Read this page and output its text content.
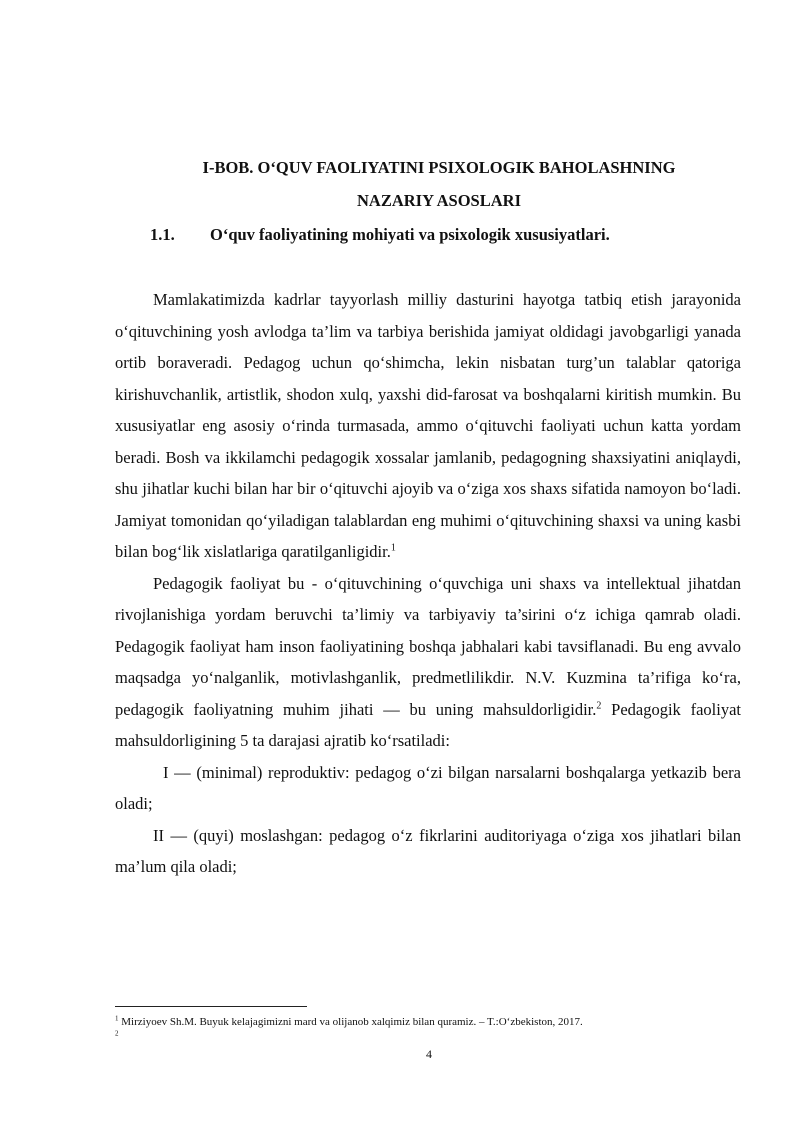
I-BOB. O‘QUV FAOLIYATINI PSIXOLOGIK BAHOLASHNING
NAZARIY ASOSLARI
1.1. O‘quv faoliyatining mohiyati va psixologik xususiyatlari.

Mamlakatimizda kadrlar tayyorlash milliy dasturini hayotga tatbiq etish jarayonida o‘qituvchining yosh avlodga ta’lim va tarbiya berishida jamiyat oldidagi javobgarligi yanada ortib boraveradi. Pedagog uchun qo‘shimcha, lekin nisbatan turg’un talablar qatoriga kirishuvchanlik, artistlik, shodon xulq, yaxshi did-farosat va boshqalarni kiritish mumkin. Bu xususiyatlar eng asosiy o‘rinda turmasada, ammo o‘qituvchi faoliyati uchun katta yordam beradi. Bosh va ikkilamchi pedagogik xossalar jamlanib, pedagogning shaxsiyatini aniqlaydi, shu jihatlar kuchi bilan har bir o‘qituvchi ajoyib va o‘ziga xos shaxs sifatida namoyon bo‘ladi. Jamiyat tomonidan qo‘yiladigan talablardan eng muhimi o‘qituvchining shaxsi va uning kasbi bilan bog‘lik xislatlariga qaratilganligidir.$^1$

Pedagogik faoliyat bu - o‘qituvchining o‘quvchiga uni shaxs va intellektual jihatdan rivojlanishiga yordam beruvchi ta’limiy va tarbiyaviy ta’sirini o‘z ichiga qamrab oladi. Pedagogik faoliyat ham inson faoliyatining boshqa jabhalari kabi tavsiflanadi. Bu eng avvalo maqsadga yo‘nalganlik, motivlashganlik, predmetlilikdir. N.V. Kuzmina ta’rifiga ko‘ra, pedagogik faoliyatning muhim jihati — bu uning mahsuldorligidir.$^2$ Pedagogik faoliyat mahsuldorligining 5 ta darajasi ajratib ko‘rsatiladi:

I — (minimal) reproduktiv: pedagog o‘zi bilgan narsalarni boshqalarga yetkazib bera oladi;

II — (quyi) moslashgan: pedagog o‘z fikrlarini auditoriyaga o‘ziga xos jihatlari bilan ma’lum qila oladi;

$^1$ Mirziyoev Sh.M. Buyuk kelajagimizni mard va olijanob xalqimiz bilan quramiz. – T.:O‘zbekiston, 2017.
$^2$
4
